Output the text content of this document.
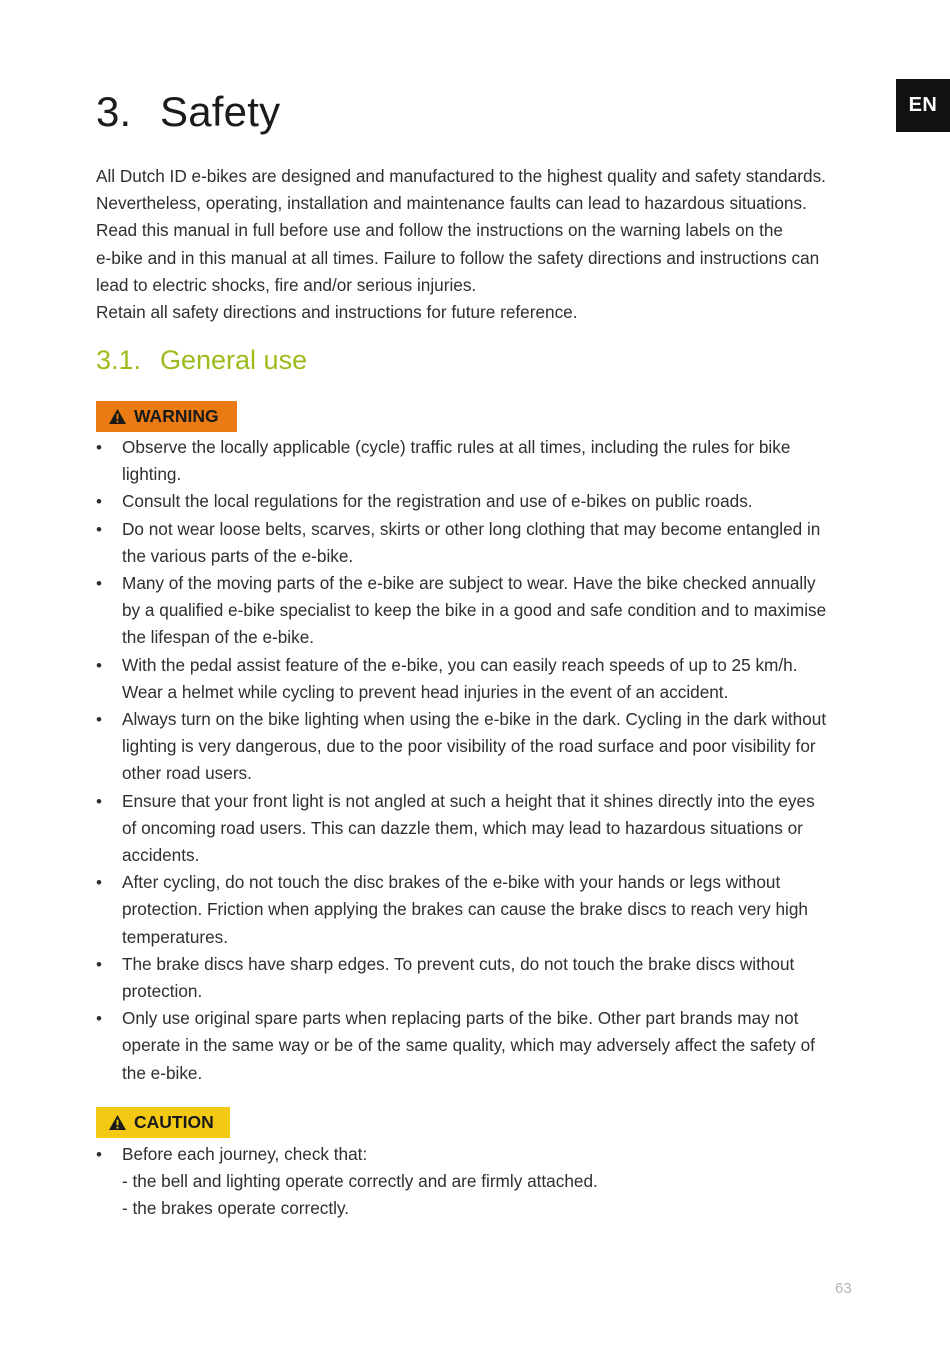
EN
3. Safety
All Dutch ID e-bikes are designed and manufactured to the highest quality and safety standards.
Nevertheless, operating, installation and maintenance faults can lead to hazardous situations.
Read this manual in full before use and follow the instructions on the warning labels on the
e-bike and in this manual at all times. Failure to follow the safety directions and instructions can
lead to electric shocks, fire and/or serious injuries.
Retain all safety directions and instructions for future reference.
3.1. General use
WARNING
• Observe the locally applicable (cycle) traffic rules at all times, including the rules for bike
lighting.
• Consult the local regulations for the registration and use of e-bikes on public roads.
• Do not wear loose belts, scarves, skirts or other long clothing that may become entangled in
the various parts of the e-bike.
• Many of the moving parts of the e-bike are subject to wear. Have the bike checked annually
by a qualified e-bike specialist to keep the bike in a good and safe condition and to maximise
the lifespan of the e-bike.
• With the pedal assist feature of the e-bike, you can easily reach speeds of up to 25 km/h.
Wear a helmet while cycling to prevent head injuries in the event of an accident.
• Always turn on the bike lighting when using the e-bike in the dark. Cycling in the dark without
lighting is very dangerous, due to the poor visibility of the road surface and poor visibility for
other road users.
• Ensure that your front light is not angled at such a height that it shines directly into the eyes
of oncoming road users. This can dazzle them, which may lead to hazardous situations or
accidents.
• After cycling, do not touch the disc brakes of the e-bike with your hands or legs without
protection. Friction when applying the brakes can cause the brake discs to reach very high
temperatures.
• The brake discs have sharp edges. To prevent cuts, do not touch the brake discs without
protection.
• Only use original spare parts when replacing parts of the bike. Other part brands may not
operate in the same way or be of the same quality, which may adversely affect the safety of
the e-bike.
CAUTION
• Before each journey, check that:
- the bell and lighting operate correctly and are firmly attached.
- the brakes operate correctly.
63
